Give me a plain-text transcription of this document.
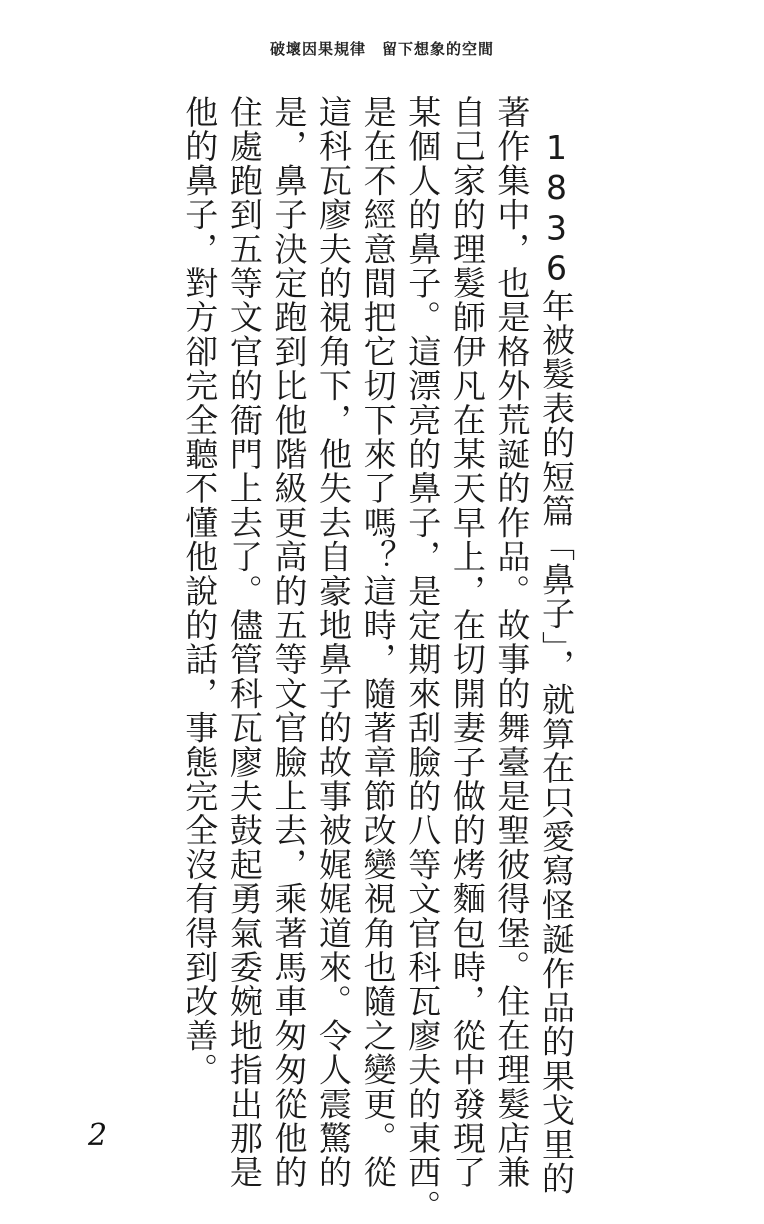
破壞因果規律　留下想象的空間
1836年被髮表的短篇「鼻子」，就算在只愛寫怪誕作品的果戈里的
著作集中，也是格外荒誕的作品。故事的舞臺是聖彼得堡。住在理髮店兼
自己家的理髮師伊凡在某天早上，在切開妻子做的烤麵包時，從中發現了
某個人的鼻子。這漂亮的鼻子，是定期來刮臉的八等文官科瓦廖夫的東西。
是在不經意間把它切下來了嗎？這時，隨著章節改變視角也隨之變更。從
這科瓦廖夫的視角下，他失去自豪地鼻子的故事被娓娓道來。令人震驚的
是，鼻子決定跑到比他階級更高的五等文官臉上去，乘著馬車匆匆從他的
住處跑到五等文官的衙門上去了。儘管科瓦廖夫鼓起勇氣委婉地指出那是
他的鼻子，對方卻完全聽不懂他說的話，事態完全沒有得到改善。
2
